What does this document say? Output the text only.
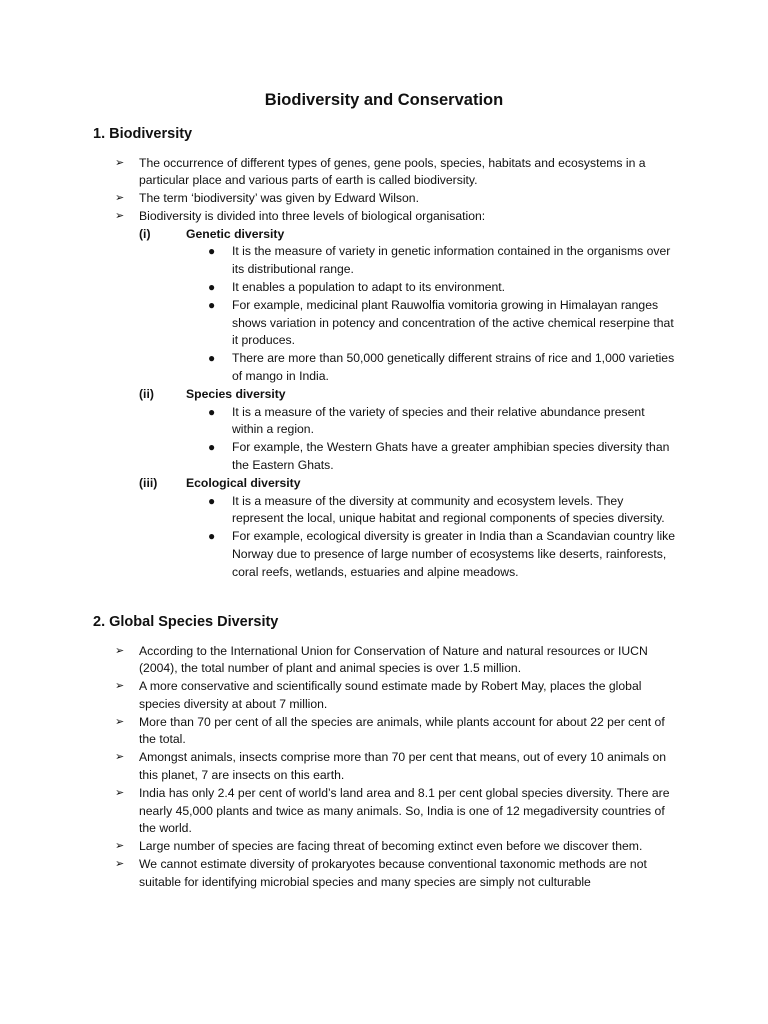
Biodiversity and Conservation
1. Biodiversity
➢ The occurrence of different types of genes, gene pools, species, habitats and ecosystems in a particular place and various parts of earth is called biodiversity.
➢ The term ‘biodiversity’ was given by Edward Wilson.
➢ Biodiversity is divided into three levels of biological organisation:
(i)	Genetic diversity
● It is the measure of variety in genetic information contained in the organisms over its distributional range.
● It enables a population to adapt to its environment.
● For example, medicinal plant Rauwolfia vomitoria growing in Himalayan ranges shows variation in potency and concentration of the active chemical reserpine that it produces.
● There are more than 50,000 genetically different strains of rice and 1,000 varieties of mango in India.
(ii)	Species diversity
● It is a measure of the variety of species and their relative abundance present within a region.
● For example, the Western Ghats have a greater amphibian species diversity than the Eastern Ghats.
(iii) Ecological diversity
● It is a measure of the diversity at community and ecosystem levels. They represent the local, unique habitat and regional components of species diversity.
● For example, ecological diversity is greater in India than a Scandavian country like Norway due to presence of large number of ecosystems like deserts, rainforests, coral reefs, wetlands, estuaries and alpine meadows.
2. Global Species Diversity
➢ According to the International Union for Conservation of Nature and natural resources or IUCN (2004), the total number of plant and animal species is over 1.5 million.
➢ A more conservative and scientifically sound estimate made by Robert May, places the global species diversity at about 7 million.
➢ More than 70 per cent of all the species are animals, while plants account for about 22 per cent of the total.
➢ Amongst animals, insects comprise more than 70 per cent that means, out of every 10 animals on this planet, 7 are insects on this earth.
➢ India has only 2.4 per cent of world’s land area and 8.1 per cent global species diversity. There are nearly 45,000 plants and twice as many animals. So, India is one of 12 megadiversity countries of the world.
➢ Large number of species are facing threat of becoming extinct even before we discover them.
➢ We cannot estimate diversity of prokaryotes because conventional taxonomic methods are not suitable for identifying microbial species and many species are simply not culturable
